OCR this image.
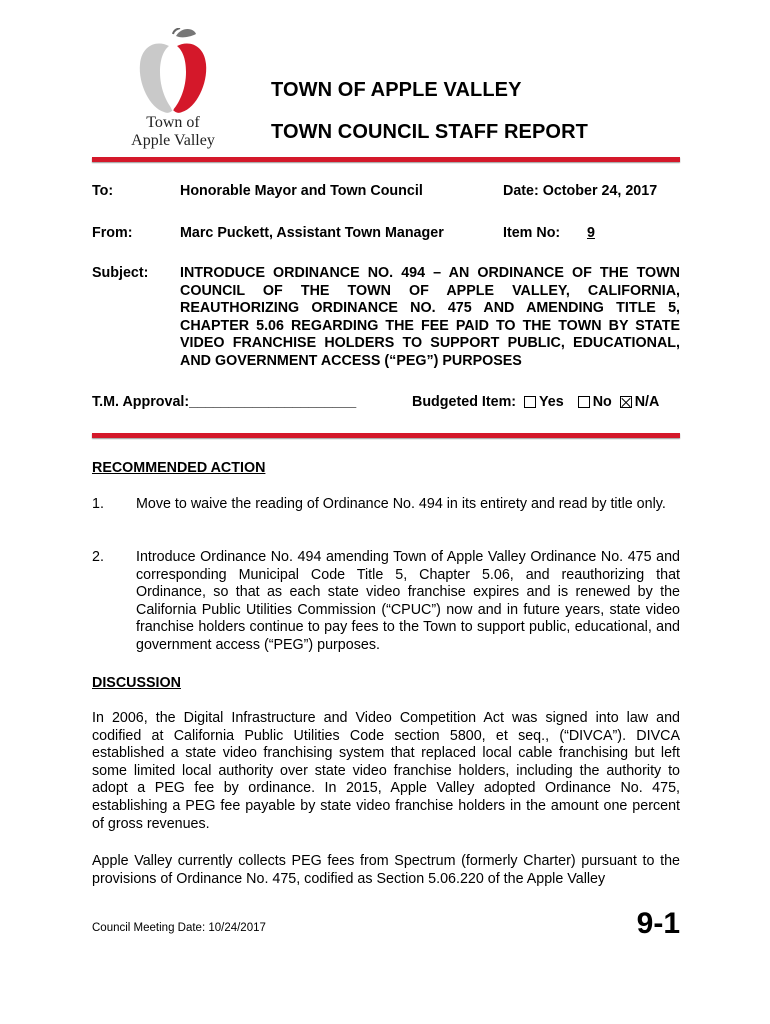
Town of
Apple Valley
TOWN OF APPLE VALLEY
TOWN COUNCIL STAFF REPORT
To:	Honorable Mayor and Town Council	Date: October 24, 2017
From:	Marc Puckett, Assistant Town Manager	Item No: 9
Subject: INTRODUCE ORDINANCE NO. 494 – AN ORDINANCE OF THE TOWN COUNCIL OF THE TOWN OF APPLE VALLEY, CALIFORNIA, REAUTHORIZING ORDINANCE NO. 475 AND AMENDING TITLE 5, CHAPTER 5.06 REGARDING THE FEE PAID TO THE TOWN BY STATE VIDEO FRANCHISE HOLDERS TO SUPPORT PUBLIC, EDUCATIONAL, AND GOVERNMENT ACCESS (“PEG”) PURPOSES
T.M. Approval:_____________________	Budgeted Item: Yes No N/A
RECOMMENDED ACTION
1. Move to waive the reading of Ordinance No. 494 in its entirety and read by title only.
2. Introduce Ordinance No. 494 amending Town of Apple Valley Ordinance No. 475 and corresponding Municipal Code Title 5, Chapter 5.06, and reauthorizing that Ordinance, so that as each state video franchise expires and is renewed by the California Public Utilities Commission (“CPUC”) now and in future years, state video franchise holders continue to pay fees to the Town to support public, educational, and government access (“PEG”) purposes.
DISCUSSION
In 2006, the Digital Infrastructure and Video Competition Act was signed into law and codified at California Public Utilities Code section 5800, et seq., (“DIVCA”). DIVCA established a state video franchising system that replaced local cable franchising but left some limited local authority over state video franchise holders, including the authority to adopt a PEG fee by ordinance. In 2015, Apple Valley adopted Ordinance No. 475, establishing a PEG fee payable by state video franchise holders in the amount one percent of gross revenues.
Apple Valley currently collects PEG fees from Spectrum (formerly Charter) pursuant to the provisions of Ordinance No. 475, codified as Section 5.06.220 of the Apple Valley
Council Meeting Date: 10/24/2017	9-1
